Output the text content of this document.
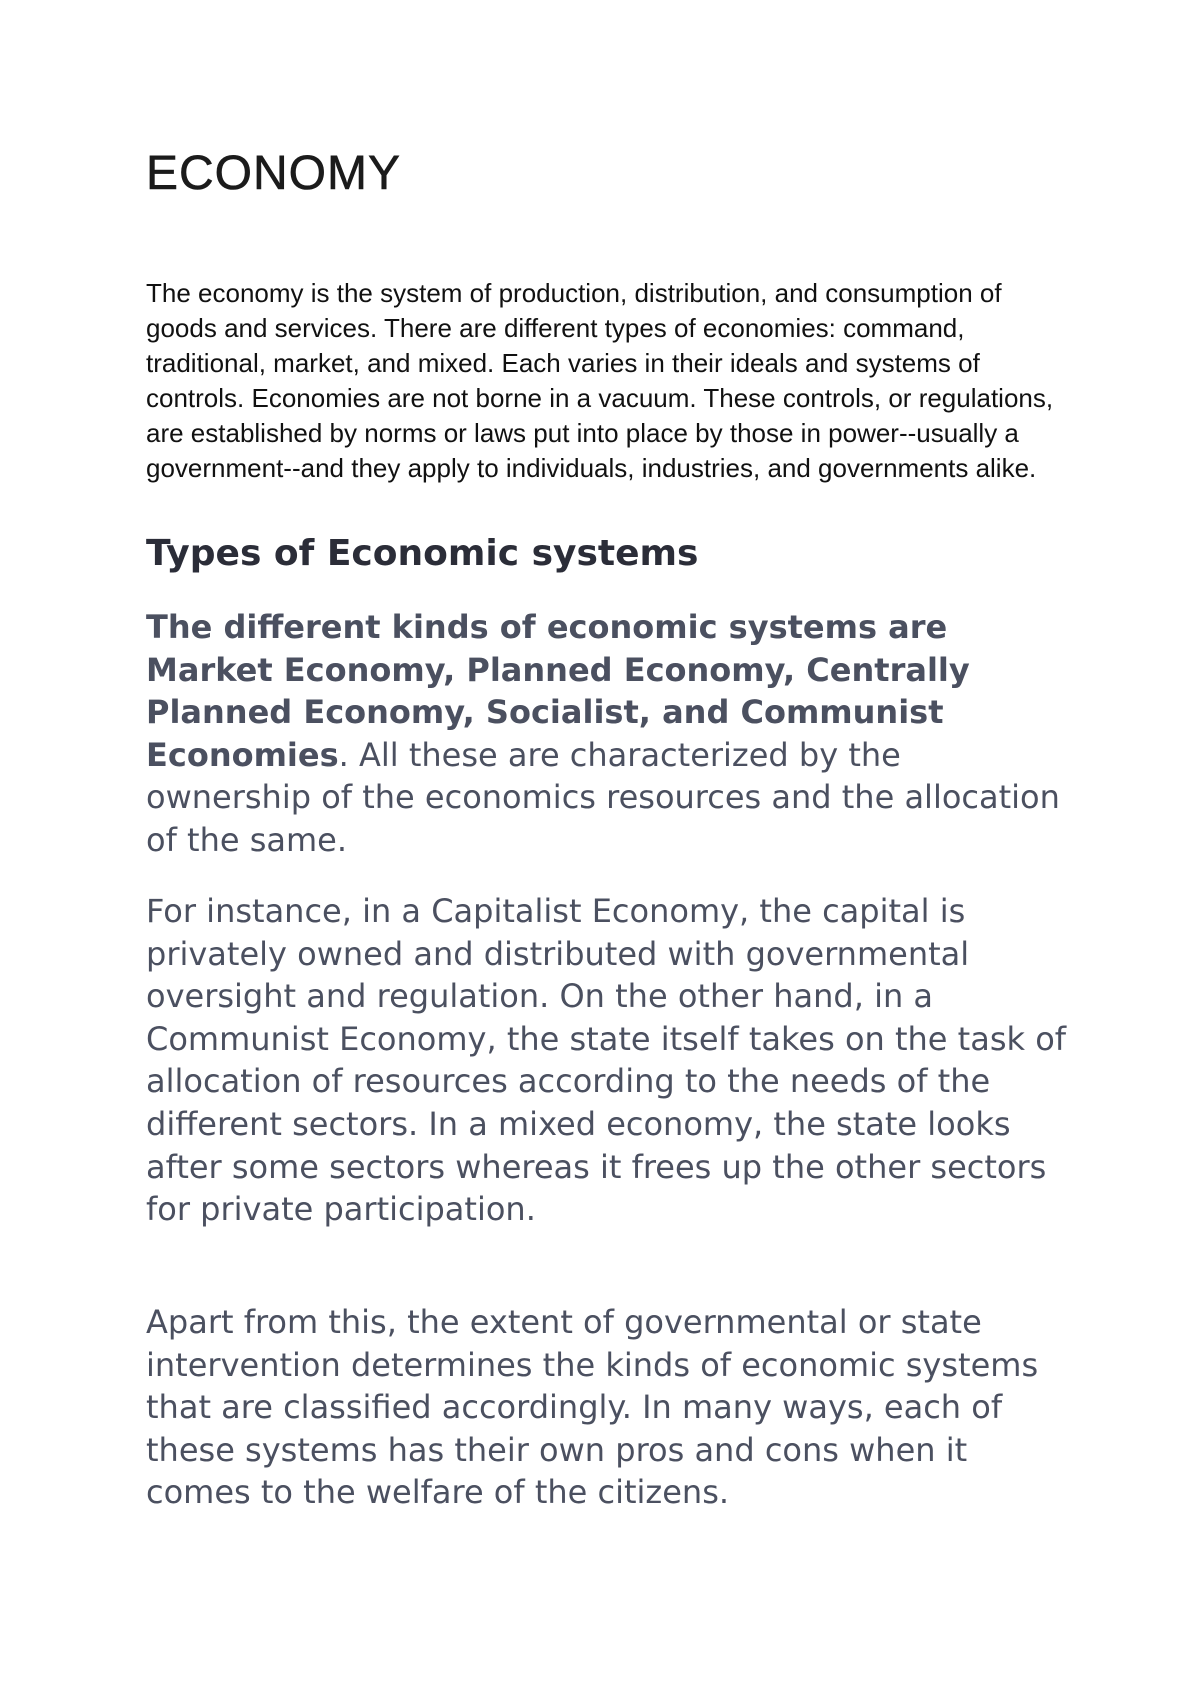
ECONOMY

The economy is the system of production, distribution, and consumption of goods and services. There are different types of economies: command, traditional, market, and mixed. Each varies in their ideals and systems of controls. Economies are not borne in a vacuum. These controls, or regulations, are established by norms or laws put into place by those in power--usually a government--and they apply to individuals, industries, and governments alike.

Types of Economic systems

The different kinds of economic systems are Market Economy, Planned Economy, Centrally Planned Economy, Socialist, and Communist Economies. All these are characterized by the ownership of the economics resources and the allocation of the same.

For instance, in a Capitalist Economy, the capital is privately owned and distributed with governmental oversight and regulation. On the other hand, in a Communist Economy, the state itself takes on the task of allocation of resources according to the needs of the different sectors. In a mixed economy, the state looks after some sectors whereas it frees up the other sectors for private participation.

Apart from this, the extent of governmental or state intervention determines the kinds of economic systems that are classified accordingly. In many ways, each of these systems has their own pros and cons when it comes to the welfare of the citizens.
